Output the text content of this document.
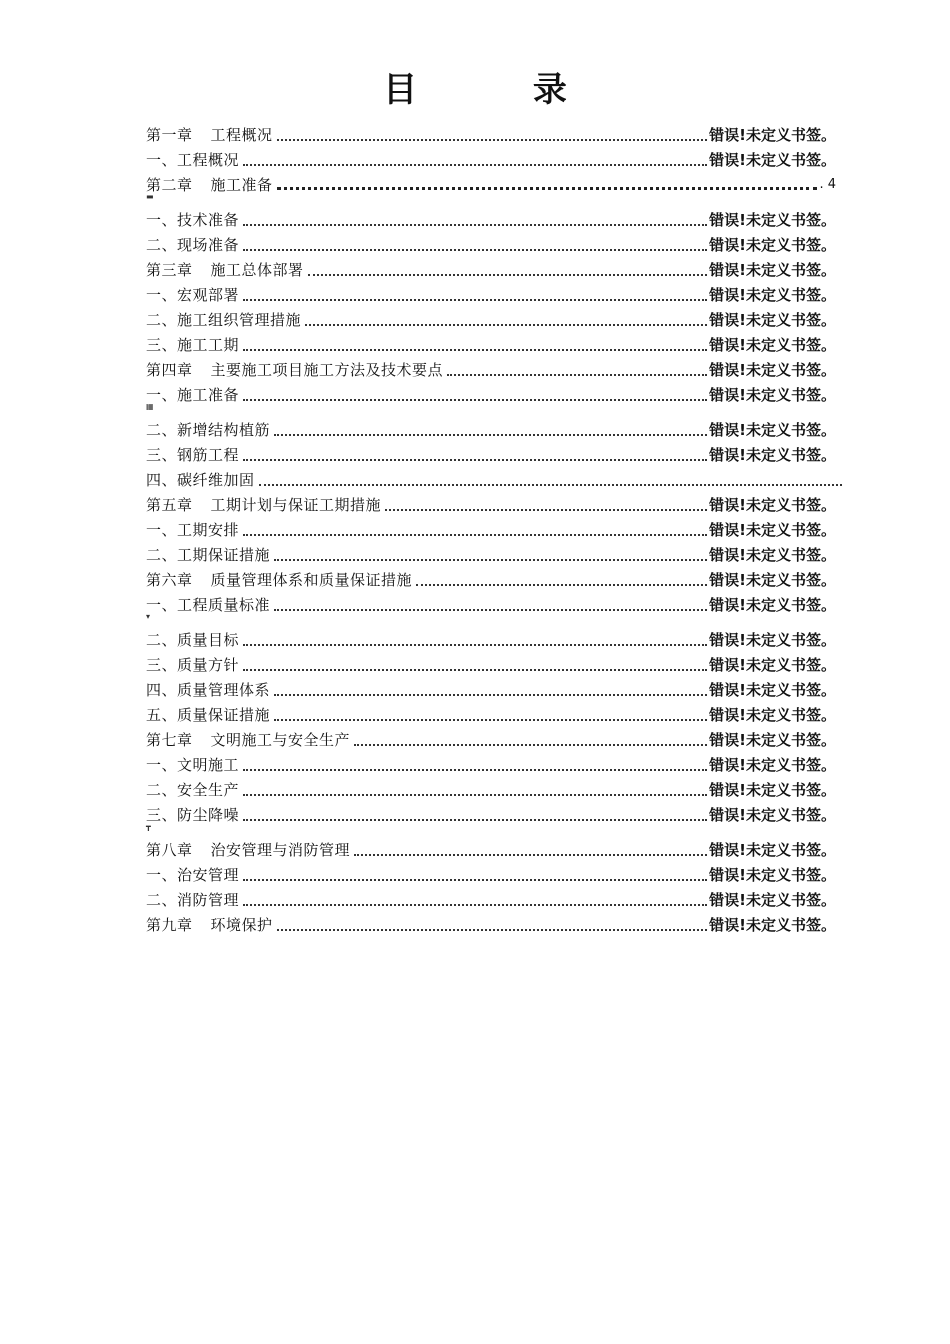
目 录
第一章 工程概况	错误!未定义书签。
一、工程概况	错误!未定义书签。
第二章 施工准备	. 4
▬
一、技术准备	错误!未定义书签。
二、现场准备	错误!未定义书签。
第三章 施工总体部署	错误!未定义书签。
一、宏观部署	错误!未定义书签。
二、施工组织管理措施	错误!未定义书签。
三、施工工期	错误!未定义书签。
第四章 主要施工项目施工方法及技术要点	错误!未定义书签。
一、施工准备	错误!未定义书签。
▦
二、新增结构植筋	错误!未定义书签。
三、钢筋工程	错误!未定义书签。
四、碳纤维加固
第五章 工期计划与保证工期措施	错误!未定义书签。
一、工期安排	错误!未定义书签。
二、工期保证措施	错误!未定义书签。
第六章 质量管理体系和质量保证措施	错误!未定义书签。
一、工程质量标准	错误!未定义书签。
▾
二、质量目标	错误!未定义书签。
三、质量方针	错误!未定义书签。
四、质量管理体系	错误!未定义书签。
五、质量保证措施	错误!未定义书签。
第七章 文明施工与安全生产	错误!未定义书签。
一、文明施工	错误!未定义书签。
二、安全生产	错误!未定义书签。
三、防尘降噪	错误!未定义书签。
┳
第八章 治安管理与消防管理	错误!未定义书签。
一、治安管理	错误!未定义书签。
二、消防管理	错误!未定义书签。
第九章 环境保护	错误!未定义书签。
